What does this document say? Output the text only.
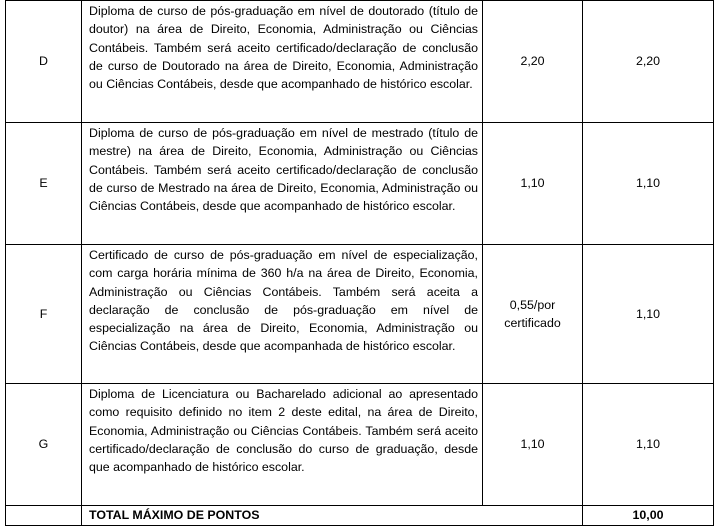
D	Diploma de curso de pós-graduação em nível de doutorado (título de doutor) na área de Direito, Economia, Administração ou Ciências Contábeis. Também será aceito certificado/declaração de conclusão de curso de Doutorado na área de Direito, Economia, Administração ou Ciências Contábeis, desde que acompanhado de histórico escolar.	2,20	2,20
E	Diploma de curso de pós-graduação em nível de mestrado (título de mestre) na área de Direito, Economia, Administração ou Ciências Contábeis. Também será aceito certificado/declaração de conclusão de curso de Mestrado na área de Direito, Economia, Administração ou Ciências Contábeis, desde que acompanhado de histórico escolar.	1,10	1,10
F	Certificado de curso de pós-graduação em nível de especialização, com carga horária mínima de 360 h/a na área de Direito, Economia, Administração ou Ciências Contábeis. Também será aceita a declaração de conclusão de pós-graduação em nível de especialização na área de Direito, Economia, Administração ou Ciências Contábeis, desde que acompanhada de histórico escolar.	0,55/por certificado	1,10
G	Diploma de Licenciatura ou Bacharelado adicional ao apresentado como requisito definido no item 2 deste edital, na área de Direito, Economia, Administração ou Ciências Contábeis. Também será aceito certificado/declaração de conclusão do curso de graduação, desde que acompanhado de histórico escolar.	1,10	1,10
	TOTAL MÁXIMO DE PONTOS		10,00
